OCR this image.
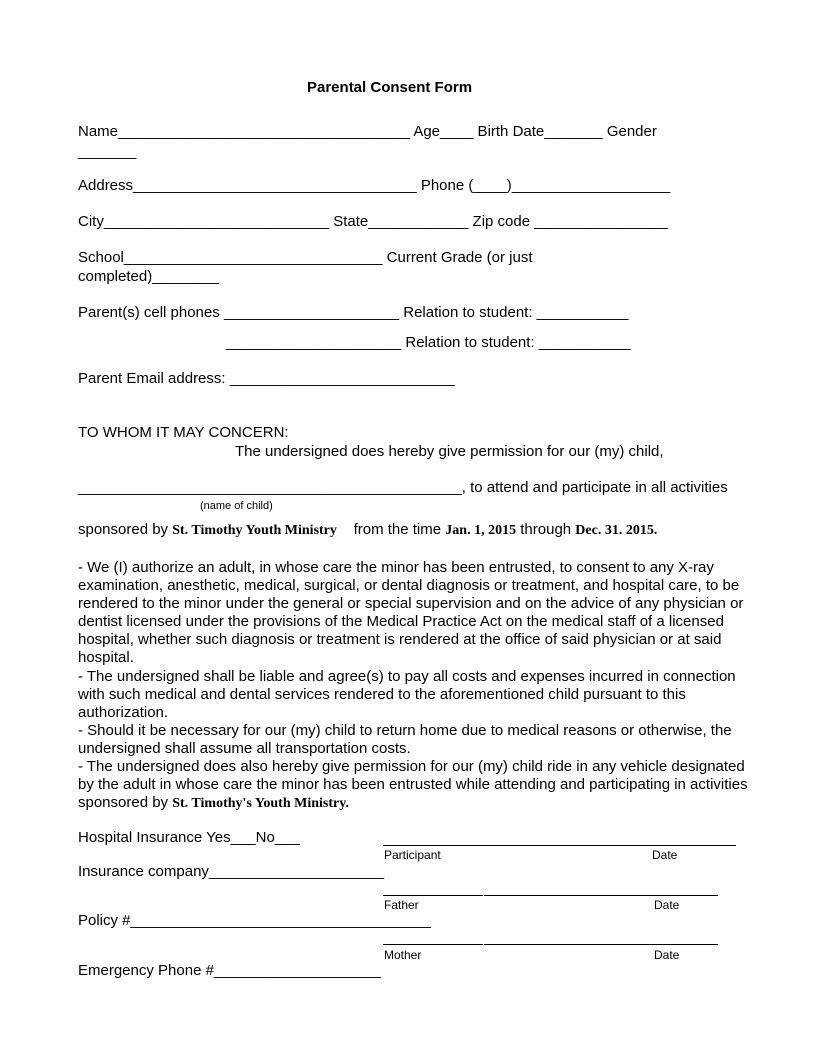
Parental Consent Form
Name___________________________________ Age____ Birth Date_______ Gender
_______
Address__________________________________ Phone (____)___________________
City___________________________ State____________ Zip code ________________
School_______________________________ Current Grade (or just
completed)________
Parent(s) cell phones _____________________ Relation to student: ___________
_____________________ Relation to student: ___________
Parent Email address: ___________________________
TO WHOM IT MAY CONCERN:
The undersigned does hereby give permission for our (my) child,
______________________________________________, to attend and participate in all activities
(name of child)
sponsored by St. Timothy Youth Ministry from the time Jan. 1, 2015 through Dec. 31. 2015.

- We (I) authorize an adult, in whose care the minor has been entrusted, to consent to any X-ray examination, anesthetic, medical, surgical, or dental diagnosis or treatment, and hospital care, to be rendered to the minor under the general or special supervision and on the advice of any physician or dentist licensed under the provisions of the Medical Practice Act on the medical staff of a licensed hospital, whether such diagnosis or treatment is rendered at the office of said physician or at said hospital.

- The undersigned shall be liable and agree(s) to pay all costs and expenses incurred in connection with such medical and dental services rendered to the aforementioned child pursuant to this authorization.

- Should it be necessary for our (my) child to return home due to medical reasons or otherwise, the undersigned shall assume all transportation costs.

- The undersigned does also hereby give permission for our (my) child ride in any vehicle designated by the adult in whose care the minor has been entrusted while attending and participating in activities sponsored by St. Timothy's Youth Ministry.

Hospital Insurance Yes___No___
Insurance company_____________________
Policy #____________________________________
Emergency Phone #____________________
Participant	Date
Father	Date
Mother	Date
